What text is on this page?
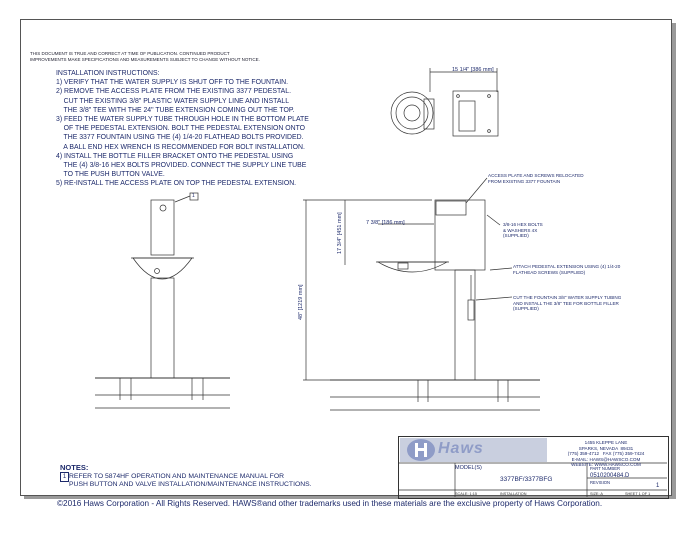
THIS DOCUMENT IS TRUE AND CORRECT AT TIME OF PUBLICATION. CONTINUED PRODUCT IMPROVEMENTS MAKE SPECIFICATIONS AND MEASUREMENTS SUBJECT TO CHANGE WITHOUT NOTICE.
INSTALLATION INSTRUCTIONS:
1) VERIFY THAT THE WATER SUPPLY IS SHUT OFF TO THE FOUNTAIN.
2) REMOVE THE ACCESS PLATE FROM THE EXISTING 3377 PEDESTAL.
CUT THE EXISTING 3/8" PLASTIC WATER SUPPLY LINE AND INSTALL
THE 3/8" TEE WITH THE 24" TUBE EXTENSION COMING OUT THE TOP.
3) FEED THE WATER SUPPLY TUBE THROUGH HOLE IN THE BOTTOM PLATE
OF THE PEDESTAL EXTENSION. BOLT THE PEDESTAL EXTENSION ONTO
THE 3377 FOUNTAIN USING THE (4) 1/4-20 FLATHEAD BOLTS PROVIDED.
A BALL END HEX WRENCH IS RECOMMENDED FOR BOLT INSTALLATION.
4) INSTALL THE BOTTLE FILLER BRACKET ONTO THE PEDESTAL USING
THE (4) 3/8-16 HEX BOLTS PROVIDED. CONNECT THE SUPPLY LINE TUBE
TO THE PUSH BUTTON VALVE.
5) RE-INSTALL THE ACCESS PLATE ON TOP THE PEDESTAL EXTENSION.
15 1/4" [386 mm]
7 3/8" [186 mm]
17 3/4" [451 mm]
48" [1219 mm]
1
ACCESS PLATE AND SCREWS RELOCATED
FROM EXISTING 3377 FOUNTAIN
3/8-16 HEX BOLTS
& WASHERS 4X
(SUPPLIED)
ATTACH PEDESTAL EXTENSION USING (4) 1/4-20
FLATHEAD SCREWS (SUPPLIED)
CUT THE FOUNTAIN 3/8" WATER SUPPLY TUBING
AND INSTALL THE 3/8" TEE FOR BOTTLE FILLER
(SUPPLIED)
NOTES:
1 REFER TO 5874HF OPERATION AND MAINTENANCE MANUAL FOR
PUSH BUTTON AND VALVE INSTALLATION/MAINTENANCE INSTRUCTIONS.
Haws	1455 KLEPPE LANE
SPARKS, NEVADA  89431
(775) 359-4712   FAX (775) 359-7424
E-MAIL: HAWS@HAWSCO.COM
WEBSITE: WWW.HAWSCO.COM
MODEL(S)
3377BF/3377BFG
PART NUMBER
0510200484.D
REVISION
1
SCALE: 1:15	INSTALLATION	SIZE: A	SHEET 1 OF 1
©2016 Haws Corporation - All Rights Reserved. HAWS®and other trademarks used in these materials are the exclusive property of Haws Corporation.
